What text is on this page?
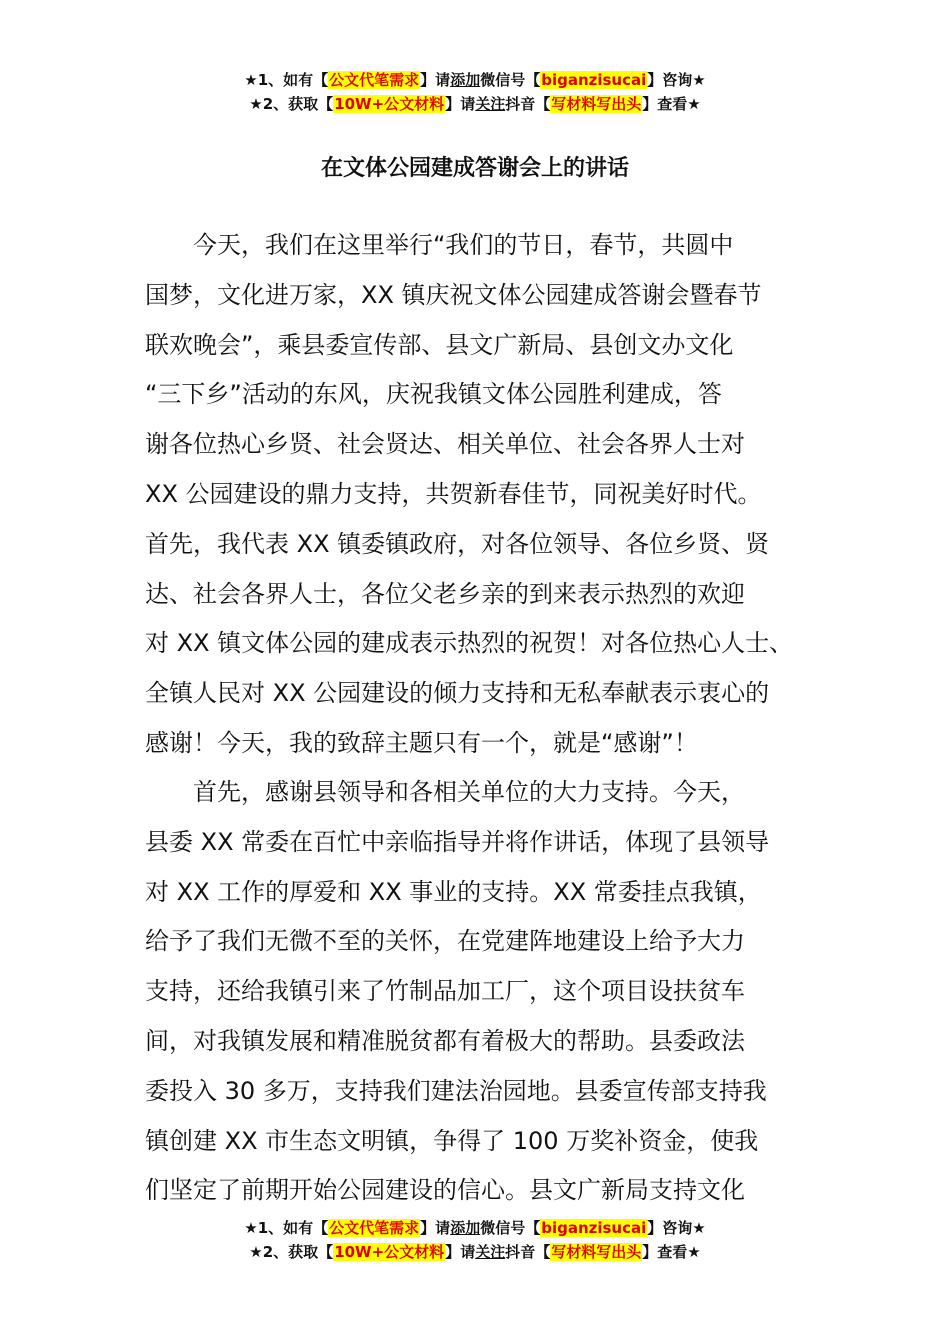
★1、如有【公文代笔需求】请添加微信号【biganzisucai】咨询★
★2、获取【10W+公文材料】请关注抖音【写材料写出头】查看★
在文体公园建成答谢会上的讲话
今天，我们在这里举行“我们的节日，春节，共圆中
国梦，文化进万家，XX 镇庆祝文体公园建成答谢会暨春节
联欢晚会”，乘县委宣传部、县文广新局、县创文办文化
“三下乡”活动的东风，庆祝我镇文体公园胜利建成，答
谢各位热心乡贤、社会贤达、相关单位、社会各界人士对
XX 公园建设的鼎力支持，共贺新春佳节，同祝美好时代。
首先，我代表 XX 镇委镇政府，对各位领导、各位乡贤、贤
达、社会各界人士，各位父老乡亲的到来表示热烈的欢迎
对 XX 镇文体公园的建成表示热烈的祝贺！对各位热心人士、
全镇人民对 XX 公园建设的倾力支持和无私奉献表示衷心的
感谢！今天，我的致辞主题只有一个，就是“感谢”！
首先，感谢县领导和各相关单位的大力支持。今天，
县委 XX 常委在百忙中亲临指导并将作讲话，体现了县领导
对 XX 工作的厚爱和 XX 事业的支持。XX 常委挂点我镇，
给予了我们无微不至的关怀，在党建阵地建设上给予大力
支持，还给我镇引来了竹制品加工厂，这个项目设扶贫车
间，对我镇发展和精准脱贫都有着极大的帮助。县委政法
委投入 30 多万，支持我们建法治园地。县委宣传部支持我
镇创建 XX 市生态文明镇，争得了 100 万奖补资金，使我
们坚定了前期开始公园建设的信心。县文广新局支持文化
★1、如有【公文代笔需求】请添加微信号【biganzisucai】咨询★
★2、获取【10W+公文材料】请关注抖音【写材料写出头】查看★
